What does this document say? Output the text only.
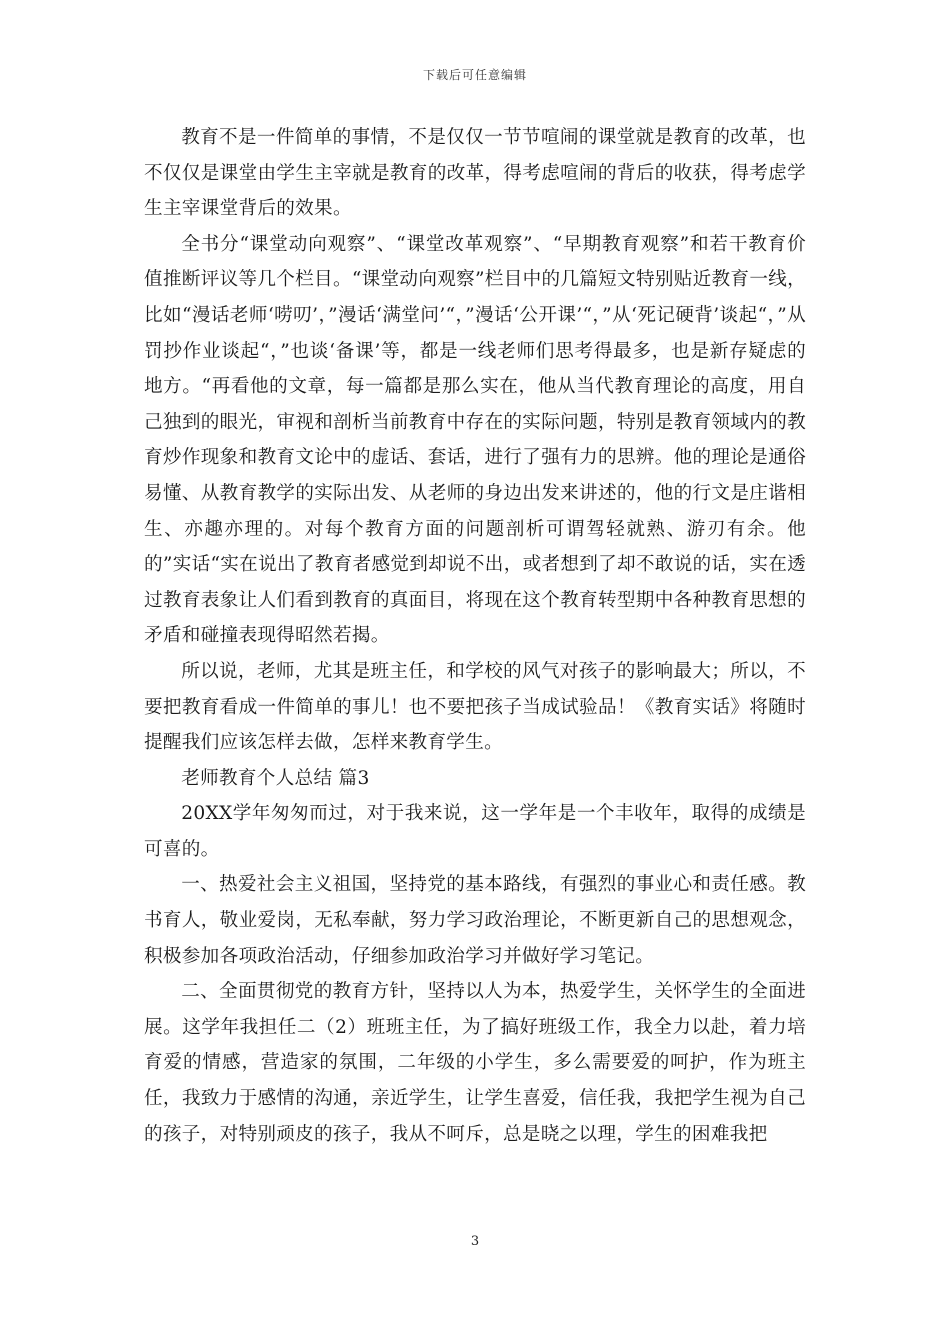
下载后可任意编辑

教育不是一件简单的事情，不是仅仅一节节喧闹的课堂就是教育的改革，也不仅仅是课堂由学生主宰就是教育的改革，得考虑喧闹的背后的收获，得考虑学生主宰课堂背后的效果。

全书分“课堂动向观察”、“课堂改革观察”、“早期教育观察”和若干教育价值推断评议等几个栏目。“课堂动向观察”栏目中的几篇短文特别贴近教育一线，比如“漫话老师‘唠叨’，”漫话‘满堂问’“，”漫话‘公开课’“，”从‘死记硬背’谈起“，”从罚抄作业谈起“，”也谈‘备课’等，都是一线老师们思考得最多，也是新存疑虑的地方。“再看他的文章，每一篇都是那么实在，他从当代教育理论的高度，用自己独到的眼光，审视和剖析当前教育中存在的实际问题，特别是教育领域内的教育炒作现象和教育文论中的虚话、套话，进行了强有力的思辨。他的理论是通俗易懂、从教育教学的实际出发、从老师的身边出发来讲述的，他的行文是庄谐相生、亦趣亦理的。对每个教育方面的问题剖析可谓驾轻就熟、游刃有余。他的”实话“实在说出了教育者感觉到却说不出，或者想到了却不敢说的话，实在透过教育表象让人们看到教育的真面目，将现在这个教育转型期中各种教育思想的矛盾和碰撞表现得昭然若揭。

所以说，老师，尤其是班主任，和学校的风气对孩子的影响最大；所以，不要把教育看成一件简单的事儿！也不要把孩子当成试验品！《教育实话》将随时提醒我们应该怎样去做，怎样来教育学生。

老师教育个人总结 篇3

20XX学年匆匆而过，对于我来说，这一学年是一个丰收年，取得的成绩是可喜的。

一、热爱社会主义祖国，坚持党的基本路线，有强烈的事业心和责任感。教书育人，敬业爱岗，无私奉献，努力学习政治理论，不断更新自己的思想观念，积极参加各项政治活动，仔细参加政治学习并做好学习笔记。

二、全面贯彻党的教育方针，坚持以人为本，热爱学生，关怀学生的全面进展。这学年我担任二（2）班班主任，为了搞好班级工作，我全力以赴，着力培育爱的情感，营造家的氛围，二年级的小学生，多么需要爱的呵护，作为班主任，我致力于感情的沟通，亲近学生，让学生喜爱，信任我，我把学生视为自己的孩子，对特别顽皮的孩子，我从不呵斥，总是晓之以理，学生的困难我把

3
